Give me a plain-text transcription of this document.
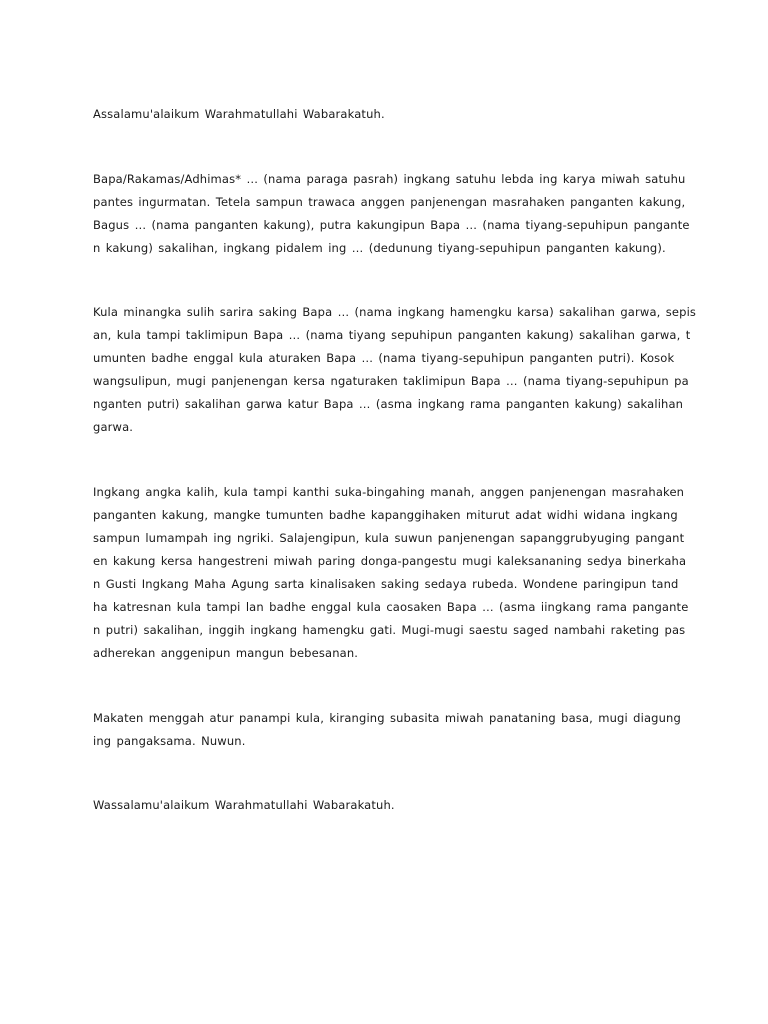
Assalamu'alaikum Warahmatullahi Wabarakatuh.
Bapa/Rakamas/Adhimas* … (nama paraga pasrah) ingkang satuhu lebda ing karya miwah satuhu
pantes ingurmatan. Tetela sampun trawaca anggen panjenengan masrahaken panganten kakung,
Bagus … (nama panganten kakung), putra kakungipun Bapa … (nama tiyang-sepuhipun pangante
n kakung) sakalihan, ingkang pidalem ing … (dedunung tiyang-sepuhipun panganten kakung).
Kula minangka sulih sarira saking Bapa … (nama ingkang hamengku karsa) sakalihan garwa, sepis
an, kula tampi taklimipun Bapa … (nama tiyang sepuhipun panganten kakung) sakalihan garwa, t
umunten badhe enggal kula aturaken Bapa … (nama tiyang-sepuhipun panganten putri). Kosok
wangsulipun, mugi panjenengan kersa ngaturaken taklimipun Bapa … (nama tiyang-sepuhipun pa
nganten putri) sakalihan garwa katur Bapa … (asma ingkang rama panganten kakung) sakalihan
garwa.
Ingkang angka kalih, kula tampi kanthi suka-bingahing manah, anggen panjenengan masrahaken
panganten kakung, mangke tumunten badhe kapanggihaken miturut adat widhi widana ingkang
sampun lumampah ing ngriki. Salajengipun, kula suwun panjenengan sapanggrubyuging pangant
en kakung kersa hangestreni miwah paring donga-pangestu mugi kaleksananing sedya binerkaha
n Gusti Ingkang Maha Agung sarta kinalisaken saking sedaya rubeda. Wondene paringipun tand
ha katresnan kula tampi lan badhe enggal kula caosaken Bapa … (asma iingkang rama pangante
n putri) sakalihan, inggih ingkang hamengku gati. Mugi-mugi saestu saged nambahi raketing pas
adherekan anggenipun mangun bebesanan.
Makaten menggah atur panampi kula, kiranging subasita miwah panataning basa, mugi diagung
ing pangaksama. Nuwun.
Wassalamu'alaikum Warahmatullahi Wabarakatuh.
